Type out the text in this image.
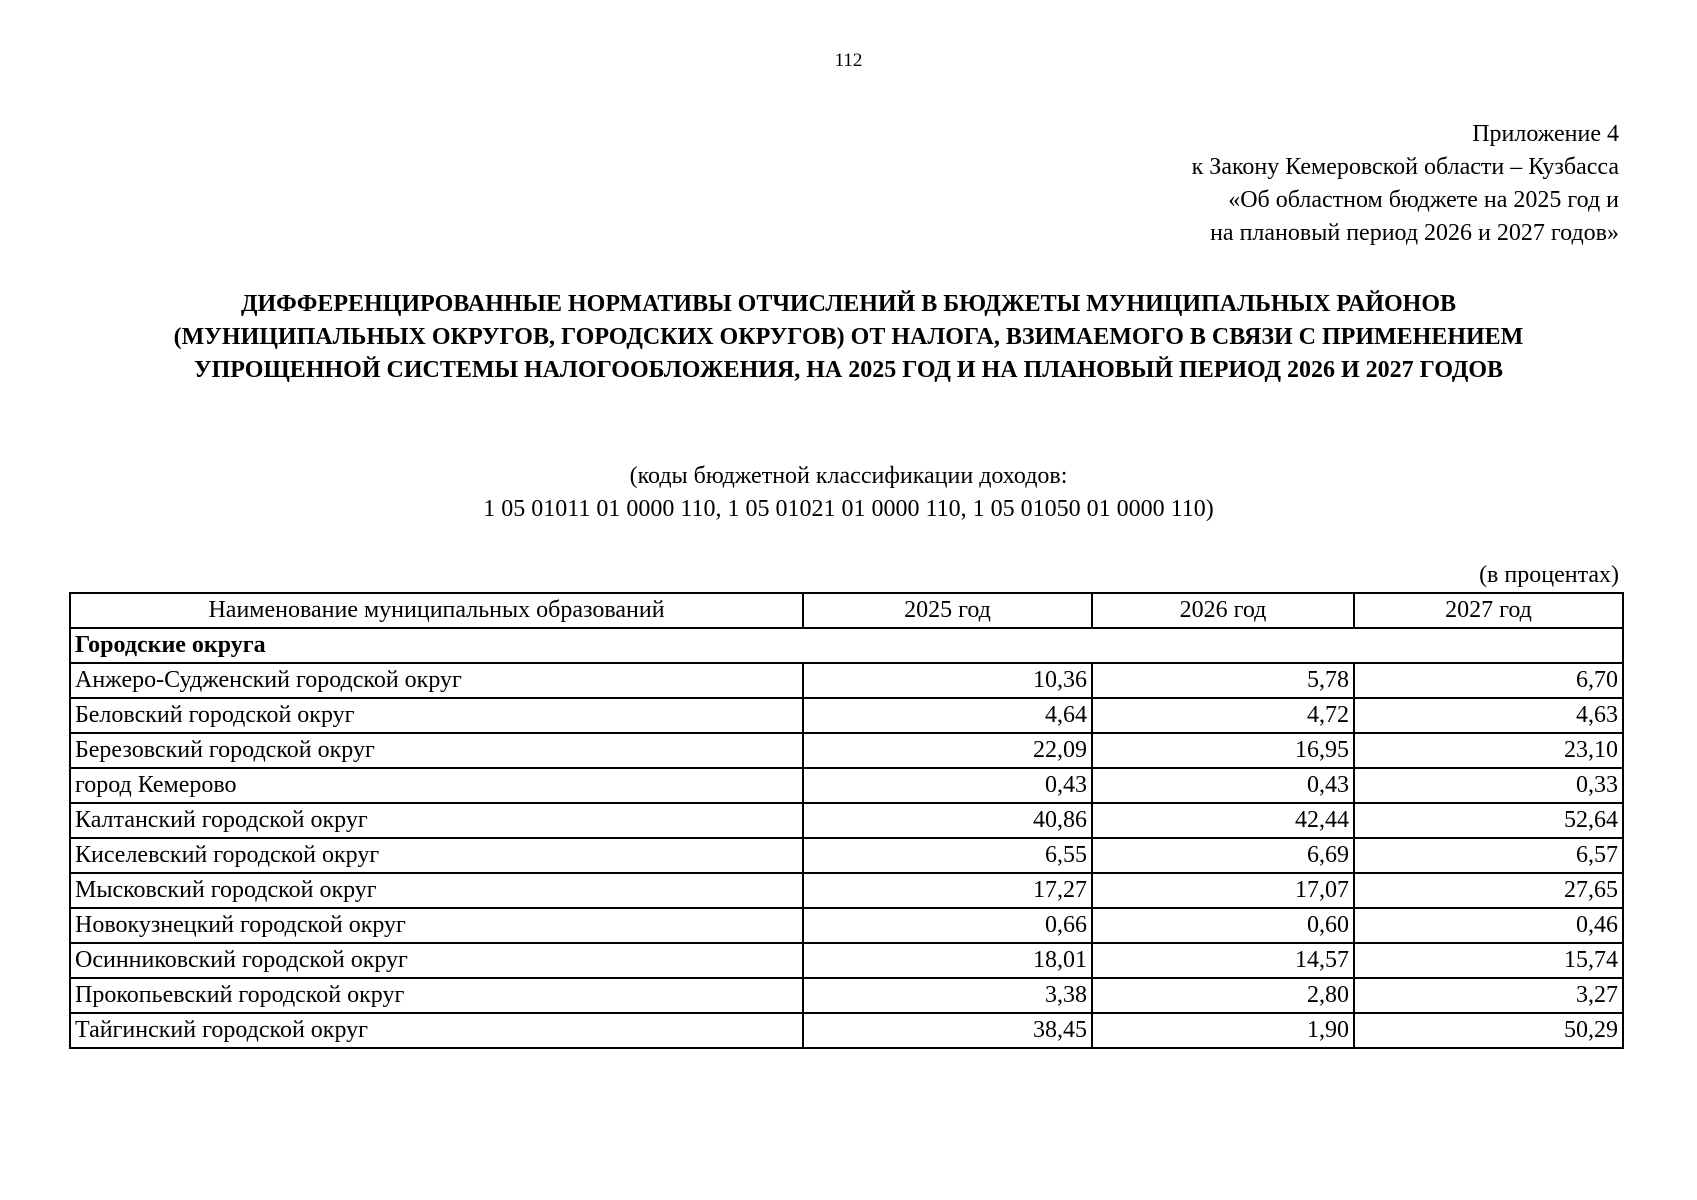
112
Приложение 4
к Закону Кемеровской области – Кузбасса
«Об областном бюджете на 2025 год и
на плановый период 2026 и 2027 годов»
ДИФФЕРЕНЦИРОВАННЫЕ НОРМАТИВЫ ОТЧИСЛЕНИЙ В БЮДЖЕТЫ МУНИЦИПАЛЬНЫХ РАЙОНОВ
(МУНИЦИПАЛЬНЫХ ОКРУГОВ, ГОРОДСКИХ ОКРУГОВ) ОТ НАЛОГА, ВЗИМАЕМОГО В СВЯЗИ С ПРИМЕНЕНИЕМ
УПРОЩЕННОЙ СИСТЕМЫ НАЛОГООБЛОЖЕНИЯ, НА 2025 ГОД И НА ПЛАНОВЫЙ ПЕРИОД 2026 И 2027 ГОДОВ
(коды бюджетной классификации доходов:
1 05 01011 01 0000 110, 1 05 01021 01 0000 110, 1 05 01050 01 0000 110)
(в процентах)
Наименование муниципальных образований	2025 год	2026 год	2027 год
Городские округа			
Анжеро-Судженский городской округ	10,36	5,78	6,70
Беловский городской округ	4,64	4,72	4,63
Березовский городской округ	22,09	16,95	23,10
город Кемерово	0,43	0,43	0,33
Калтанский городской округ	40,86	42,44	52,64
Киселевский городской округ	6,55	6,69	6,57
Мысковский городской округ	17,27	17,07	27,65
Новокузнецкий городской округ	0,66	0,60	0,46
Осинниковский городской округ	18,01	14,57	15,74
Прокопьевский городской округ	3,38	2,80	3,27
Тайгинский городской округ	38,45	1,90	50,29
